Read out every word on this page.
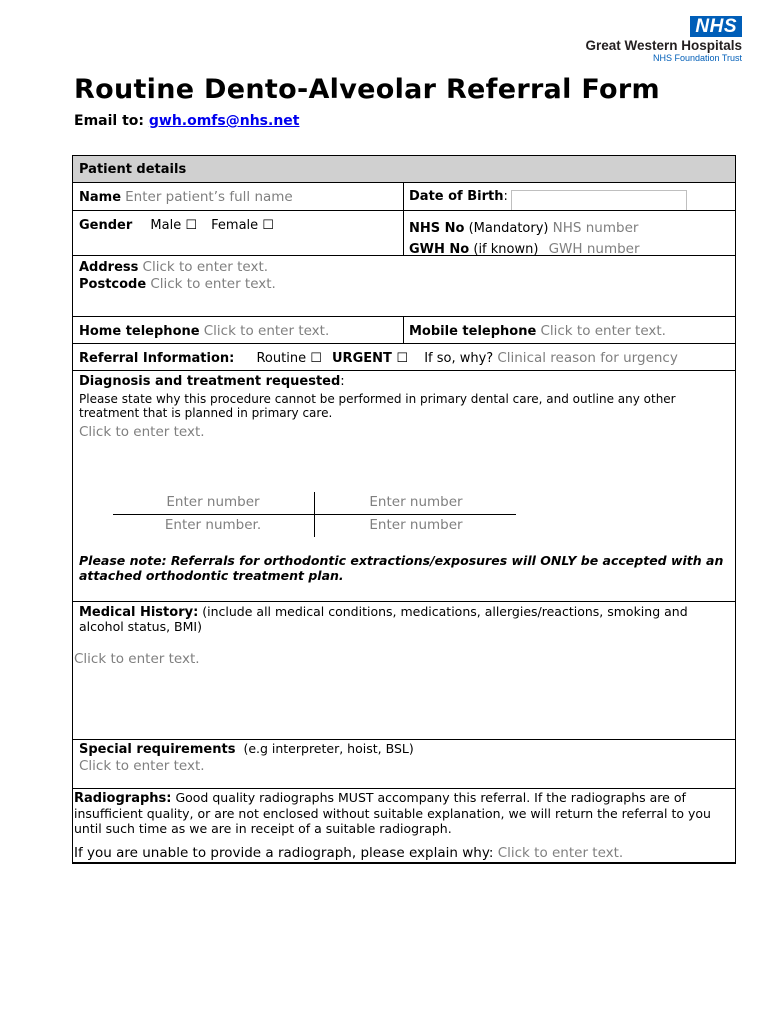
NHS
Great Western Hospitals
NHS Foundation Trust
Routine Dento-Alveolar Referral Form
Email to: gwh.omfs@nhs.net
Patient details
Name Enter patient’s full name	Date of Birth:
Gender Male ☐ Female ☐	NHS No (Mandatory) NHS number
GWH No (if known) GWH number
Address Click to enter text.
Postcode Click to enter text.
Home telephone Click to enter text.	Mobile telephone Click to enter text.
Referral Information: Routine ☐ URGENT ☐ If so, why? Clinical reason for urgency
Diagnosis and treatment requested:
Please state why this procedure cannot be performed in primary dental care, and outline any other treatment that is planned in primary care.
Click to enter text.
Enter number	Enter number
Enter number.	Enter number
Please note: Referrals for orthodontic extractions/exposures will ONLY be accepted with an attached orthodontic treatment plan.
Medical History: (include all medical conditions, medications, allergies/reactions, smoking and alcohol status, BMI)
Click to enter text.
Special requirements (e.g interpreter, hoist, BSL)
Click to enter text.
Radiographs: Good quality radiographs MUST accompany this referral. If the radiographs are of insufficient quality, or are not enclosed without suitable explanation, we will return the referral to you until such time as we are in receipt of a suitable radiograph.
If you are unable to provide a radiograph, please explain why: Click to enter text.
